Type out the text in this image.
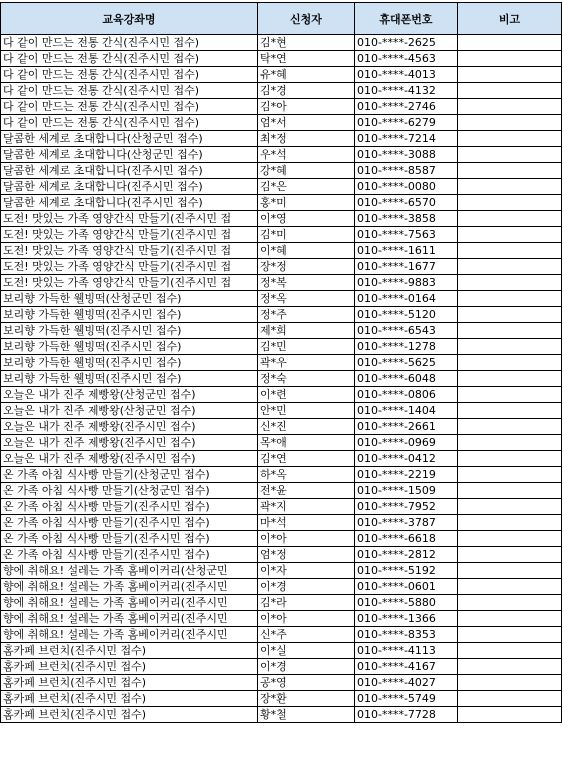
교육강좌명	신청자	휴대폰번호	비고
다 같이 만드는 전통 간식(진주시민 접수)	김*현	010-****-2625	
다 같이 만드는 전통 간식(진주시민 접수)	탁*연	010-****-4563	
다 같이 만드는 전통 간식(진주시민 접수)	유*혜	010-****-4013	
다 같이 만드는 전통 간식(진주시민 접수)	김*경	010-****-4132	
다 같이 만드는 전통 간식(진주시민 접수)	김*아	010-****-2746	
다 같이 만드는 전통 간식(진주시민 접수)	엄*서	010-****-6279	
달콤한 세계로 초대합니다(산청군민 접수)	최*정	010-****-7214	
달콤한 세계로 초대합니다(산청군민 접수)	우*석	010-****-3088	
달콤한 세계로 초대합니다(진주시민 접수)	강*혜	010-****-8587	
달콤한 세계로 초대합니다(진주시민 접수)	김*은	010-****-0080	
달콤한 세계로 초대합니다(진주시민 접수)	홍*미	010-****-6570	
도전! 맛있는 가족 영양간식 만들기(진주시민 접	이*영	010-****-3858	
도전! 맛있는 가족 영양간식 만들기(진주시민 접	김*미	010-****-7563	
도전! 맛있는 가족 영양간식 만들기(진주시민 접	이*혜	010-****-1611	
도전! 맛있는 가족 영양간식 만들기(진주시민 접	장*정	010-****-1677	
도전! 맛있는 가족 영양간식 만들기(진주시민 접	정*복	010-****-9883	
보리향 가득한 웰빙떡(산청군민 접수)	정*옥	010-****-0164	
보리향 가득한 웰빙떡(진주시민 접수)	정*주	010-****-5120	
보리향 가득한 웰빙떡(진주시민 접수)	제*희	010-****-6543	
보리향 가득한 웰빙떡(진주시민 접수)	김*민	010-****-1278	
보리향 가득한 웰빙떡(진주시민 접수)	곽*우	010-****-5625	
보리향 가득한 웰빙떡(진주시민 접수)	정*숙	010-****-6048	
오늘은 내가 진주 제빵왕(산청군민 접수)	이*련	010-****-0806	
오늘은 내가 진주 제빵왕(산청군민 접수)	안*민	010-****-1404	
오늘은 내가 진주 제빵왕(진주시민 접수)	신*진	010-****-2661	
오늘은 내가 진주 제빵왕(진주시민 접수)	목*애	010-****-0969	
오늘은 내가 진주 제빵왕(진주시민 접수)	김*연	010-****-0412	
온 가족 아침 식사빵 만들기(산청군민 접수)	하*옥	010-****-2219	
온 가족 아침 식사빵 만들기(산청군민 접수)	전*윤	010-****-1509	
온 가족 아침 식사빵 만들기(진주시민 접수)	곽*지	010-****-7952	
온 가족 아침 식사빵 만들기(진주시민 접수)	마*석	010-****-3787	
온 가족 아침 식사빵 만들기(진주시민 접수)	이*아	010-****-6618	
온 가족 아침 식사빵 만들기(진주시민 접수)	엄*정	010-****-2812	
향에 취해요! 설레는 가족 홈베이커리(산청군민	이*자	010-****-5192	
향에 취해요! 설레는 가족 홈베이커리(진주시민	이*경	010-****-0601	
향에 취해요! 설레는 가족 홈베이커리(진주시민	김*라	010-****-5880	
향에 취해요! 설레는 가족 홈베이커리(진주시민	이*아	010-****-1366	
향에 취해요! 설레는 가족 홈베이커리(진주시민	신*주	010-****-8353	
홈카페 브런치(진주시민 접수)	이*실	010-****-4113	
홈카페 브런치(진주시민 접수)	이*경	010-****-4167	
홈카페 브런치(진주시민 접수)	공*영	010-****-4027	
홈카페 브런치(진주시민 접수)	장*환	010-****-5749	
홈카페 브런치(진주시민 접수)	황*철	010-****-7728	
